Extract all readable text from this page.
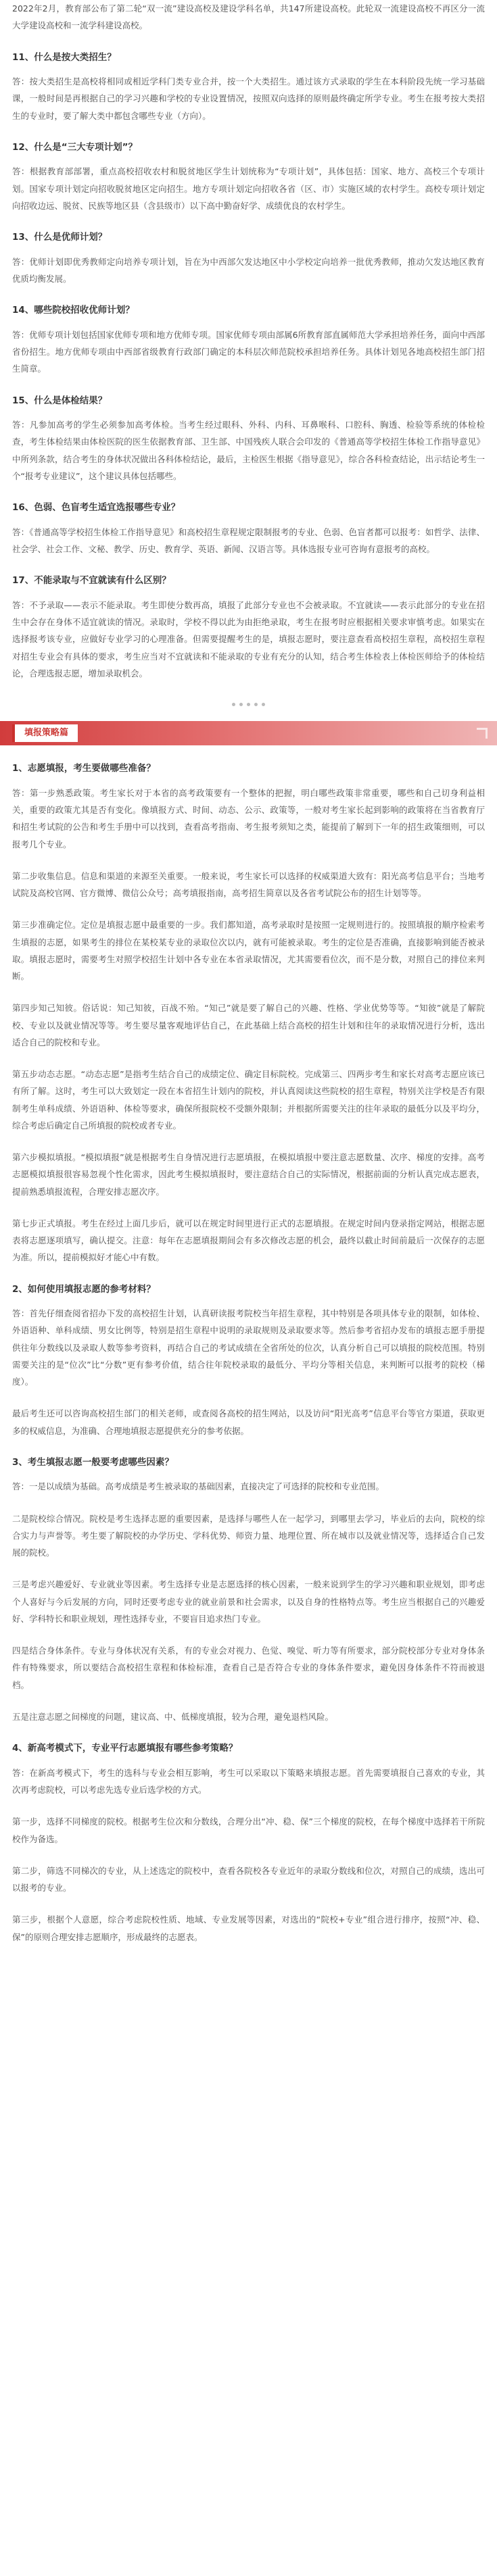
2022年2月，教育部公布了第二轮“双一流”建设高校及建设学科名单，共147所建设高校。此轮双一流建设高校不再区分一流大学建设高校和一流学科建设高校。

11、什么是按大类招生？

答：按大类招生是高校将相同或相近学科门类专业合并，按一个大类招生。通过该方式录取的学生在本科阶段先统一学习基础课，一般时间是再根据自己的学习兴趣和学校的专业设置情况，按照双向选择的原则最终确定所学专业。考生在报考按大类招生的专业时，要了解大类中都包含哪些专业（方向）。

12、什么是“三大专项计划”？

答：根据教育部部署，重点高校招收农村和脱贫地区学生计划统称为“专项计划”，具体包括：国家、地方、高校三个专项计划。国家专项计划定向招收脱贫地区定向招生。地方专项计划定向招收各省（区、市）实施区域的农村学生。高校专项计划定向招收边远、脱贫、民族等地区县（含县级市）以下高中勤奋好学、成绩优良的农村学生。

13、什么是优师计划？

答：优师计划即优秀教师定向培养专项计划，旨在为中西部欠发达地区中小学校定向培养一批优秀教师，推动欠发达地区教育优质均衡发展。

14、哪些院校招收优师计划？

答：优师专项计划包括国家优师专项和地方优师专项。国家优师专项由部属6所教育部直属师范大学承担培养任务，面向中西部省份招生。地方优师专项由中西部省级教育行政部门确定的本科层次师范院校承担培养任务。具体计划见各地高校招生部门招生简章。

15、什么是体检结果？

答：凡参加高考的学生必须参加高考体检。当考生经过眼科、外科、内科、耳鼻喉科、口腔科、胸透、检验等系统的体检检查，考生体检结果由体检医院的医生依据教育部、卫生部、中国残疾人联合会印发的《普通高等学校招生体检工作指导意见》中所列条款，结合考生的身体状况做出各科体检结论，最后，主检医生根据《指导意见》，综合各科检查结论，出示结论考生一个“报考专业建议”，这个建议具体包括哪些。

16、色弱、色盲考生适宜选报哪些专业？

答：《普通高等学校招生体检工作指导意见》和高校招生章程规定限制报考的专业、色弱、色盲者都可以报考：如哲学、法律、社会学、社会工作、文秘、教学、历史、教育学、英语、新闻、汉语言等。具体选报专业可咨询有意报考的高校。

17、不能录取与不宜就读有什么区别？

答：不予录取——表示不能录取。考生即使分数再高，填报了此部分专业也不会被录取。不宜就读——表示此部分的专业在招生中会存在身体不适宜就读的情况。录取时，学校不得以此为由拒绝录取，考生在报考时应根据相关要求审慎考虑。如果实在选择报考该专业，应做好专业学习的心理准备。但需要提醒考生的是，填报志愿时，要注意查看高校招生章程，高校招生章程对招生专业会有具体的要求，考生应当对不宜就读和不能录取的专业有充分的认知，结合考生体检表上体检医师给予的体检结论，合理选报志愿，增加录取机会。

填报策略篇
1、志愿填报，考生要做哪些准备？

答：第一步熟悉政策。考生家长对于本省的高考政策要有一个整体的把握，明白哪些政策非常重要，哪些和自己切身利益相关，重要的政策尤其是否有变化。像填报方式、时间、动态、公示、政策等，一般对考生家长起到影响的政策将在当省教育厅和招生考试院的公告和考生手册中可以找到，查看高考指南、考生报考须知之类，能提前了解到下一年的招生政策细则，可以报考几个专业。

第二步收集信息。信息和渠道的来源至关重要。一般来说，考生家长可以选择的权威渠道大致有：阳光高考信息平台；当地考试院及高校官网、官方微博、微信公众号；高考填报指南，高考招生简章以及各省考试院公布的招生计划等等。

第三步准确定位。定位是填报志愿中最重要的一步。我们都知道，高考录取时是按照一定规则进行的。按照填报的顺序检索考生填报的志愿，如果考生的排位在某校某专业的录取位次以内，就有可能被录取。考生的定位是否准确，直接影响到能否被录取。填报志愿时，需要考生对照学校招生计划中各专业在本省录取情况，尤其需要看位次，而不是分数，对照自己的排位来判断。

第四步知己知彼。俗话说：知己知彼，百战不殆。“知己”就是要了解自己的兴趣、性格、学业优势等等。“知彼”就是了解院校、专业以及就业情况等等。考生要尽量客观地评估自己，在此基础上结合高校的招生计划和往年的录取情况进行分析，选出适合自己的院校和专业。

第五步动态志愿。“动态志愿”是指考生结合自己的成绩定位、确定目标院校。完成第三、四两步考生和家长对高考志愿应该已有所了解。这时，考生可以大致划定一段在本省招生计划内的院校，并认真阅读这些院校的招生章程，特别关注学校是否有限制考生单科成绩、外语语种、体检等要求，确保所报院校不受额外限制；并根据所需要关注的往年录取的最低分以及平均分，综合考虑后确定自己所填报的院校或者专业。

第六步模拟填报。“模拟填报”就是根据考生自身情况进行志愿填报，在模拟填报中要注意志愿数量、次序、梯度的安排。高考志愿模拟填报很容易忽视个性化需求，因此考生模拟填报时，要注意结合自己的实际情况，根据前面的分析认真完成志愿表，提前熟悉填报流程，合理安排志愿次序。

第七步正式填报。考生在经过上面几步后，就可以在规定时间里进行正式的志愿填报。在规定时间内登录指定网站，根据志愿表将志愿逐项填写，确认提交。注意：每年在志愿填报期间会有多次修改志愿的机会，最终以截止时间前最后一次保存的志愿为准。所以，提前模拟好才能心中有数。

2、如何使用填报志愿的参考材料？

答：首先仔细查阅省招办下发的高校招生计划，认真研读报考院校当年招生章程，其中特别是各项具体专业的限制，如体检、外语语种、单科成绩、男女比例等，特别是招生章程中说明的录取规则及录取要求等。然后参考省招办发布的填报志愿手册提供往年分数线以及录取人数等参考资料，再结合自己的考试成绩在全省所处的位次，认真分析自己可以填报的院校范围。特别需要关注的是“位次”比“分数”更有参考价值，结合往年院校录取的最低分、平均分等相关信息，来判断可以报考的院校（梯度）。

最后考生还可以咨询高校招生部门的相关老师，或查阅各高校的招生网站，以及访问“阳光高考”信息平台等官方渠道，获取更多的权威信息，为准确、合理地填报志愿提供充分的参考依据。

3、考生填报志愿一般要考虑哪些因素？

答：一是以成绩为基础。高考成绩是考生被录取的基础因素，直接决定了可选择的院校和专业范围。

二是院校综合情况。院校是考生选择志愿的重要因素，是选择与哪些人在一起学习，到哪里去学习，毕业后的去向，院校的综合实力与声誉等。考生要了解院校的办学历史、学科优势、师资力量、地理位置、所在城市以及就业情况等，选择适合自己发展的院校。

三是考虑兴趣爱好、专业就业等因素。考生选择专业是志愿选择的核心因素，一般来说到学生的学习兴趣和职业规划，即考虑个人喜好与今后发展的方向，同时还要考虑专业的就业前景和社会需求，以及自身的性格特点等。考生应当根据自己的兴趣爱好、学科特长和职业规划，理性选择专业，不要盲目追求热门专业。

四是结合身体条件。专业与身体状况有关系，有的专业会对视力、色觉、嗅觉、听力等有所要求，部分院校部分专业对身体条件有特殊要求，所以要结合高校招生章程和体检标准，查看自己是否符合专业的身体条件要求，避免因身体条件不符而被退档。

五是注意志愿之间梯度的问题，建议高、中、低梯度填报，较为合理，避免退档风险。

4、新高考模式下，专业平行志愿填报有哪些参考策略？

答：在新高考模式下，考生的选科与专业会相互影响，考生可以采取以下策略来填报志愿。首先需要填报自己喜欢的专业，其次再考虑院校，可以考虑先选专业后选学校的方式。

第一步，选择不同梯度的院校。根据考生位次和分数线，合理分出“冲、稳、保”三个梯度的院校，在每个梯度中选择若干所院校作为备选。

第二步，筛选不同梯次的专业，从上述选定的院校中，查看各院校各专业近年的录取分数线和位次，对照自己的成绩，选出可以报考的专业。

第三步，根据个人意愿，综合考虑院校性质、地域、专业发展等因素，对选出的“院校+专业”组合进行排序，按照“冲、稳、保”的原则合理安排志愿顺序，形成最终的志愿表。
